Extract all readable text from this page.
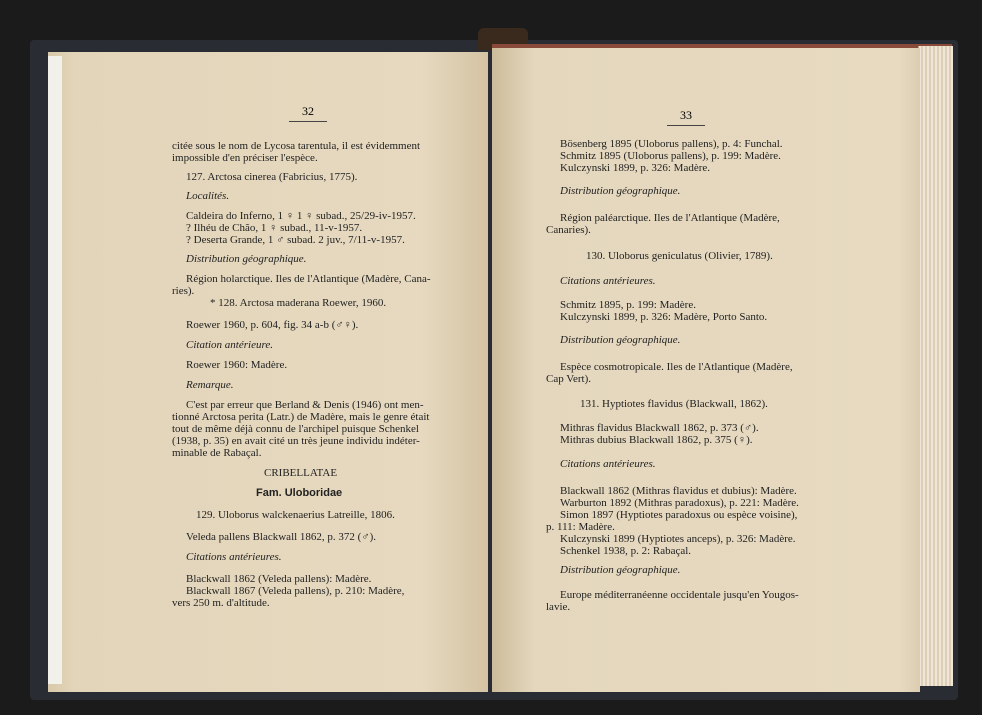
32
citée sous le nom de Lycosa tarentula, il est évidemment
impossible d'en préciser l'espèce.
127. Arctosa cinerea (Fabricius, 1775).
Localités.
Caldeira do Inferno, 1 ♀ 1 ♀ subad., 25/29-iv-1957.
? Ilhéu de Chão, 1 ♀ subad., 11-v-1957.
? Deserta Grande, 1 ♂ subad. 2 juv., 7/11-v-1957.
Distribution géographique.
Région holarctique. Iles de l'Atlantique (Madère, Cana-
ries).
* 128. Arctosa maderana Roewer, 1960.
Roewer 1960, p. 604, fig. 34 a-b (♂♀).
Citation antérieure.
Roewer 1960: Madère.
Remarque.
C'est par erreur que Berland & Denis (1946) ont men-
tionné Arctosa perita (Latr.) de Madère, mais le genre était
tout de même déjà connu de l'archipel puisque Schenkel
(1938, p. 35) en avait cité un très jeune individu indéter-
minable de Rabaçal.
CRIBELLATAE
Fam. Uloboridae
129. Uloborus walckenaerius Latreille, 1806.
Veleda pallens Blackwall 1862, p. 372 (♂).
Citations antérieures.
Blackwall 1862 (Veleda pallens): Madère.
Blackwall 1867 (Veleda pallens), p. 210: Madère,
vers 250 m. d'altitude.
33
Bösenberg 1895 (Uloborus pallens), p. 4: Funchal.
Schmitz 1895 (Uloborus pallens), p. 199: Madère.
Kulczynski 1899, p. 326: Madère.
Distribution géographique.
Région paléarctique. Iles de l'Atlantique (Madère,
Canaries).
130. Uloborus geniculatus (Olivier, 1789).
Citations antérieures.
Schmitz 1895, p. 199: Madère.
Kulczynski 1899, p. 326: Madère, Porto Santo.
Distribution géographique.
Espèce cosmotropicale. Iles de l'Atlantique (Madère,
Cap Vert).
131. Hyptiotes flavidus (Blackwall, 1862).
Mithras flavidus Blackwall 1862, p. 373 (♂).
Mithras dubius Blackwall 1862, p. 375 (♀).
Citations antérieures.
Blackwall 1862 (Mithras flavidus et dubius): Madère.
Warburton 1892 (Mithras paradoxus), p. 221: Madère.
Simon 1897 (Hyptiotes paradoxus ou espèce voisine),
p. 111: Madère.
Kulczynski 1899 (Hyptiotes anceps), p. 326: Madère.
Schenkel 1938, p. 2: Rabaçal.
Distribution géographique.
Europe méditerranéenne occidentale jusqu'en Yougos-
lavie.
